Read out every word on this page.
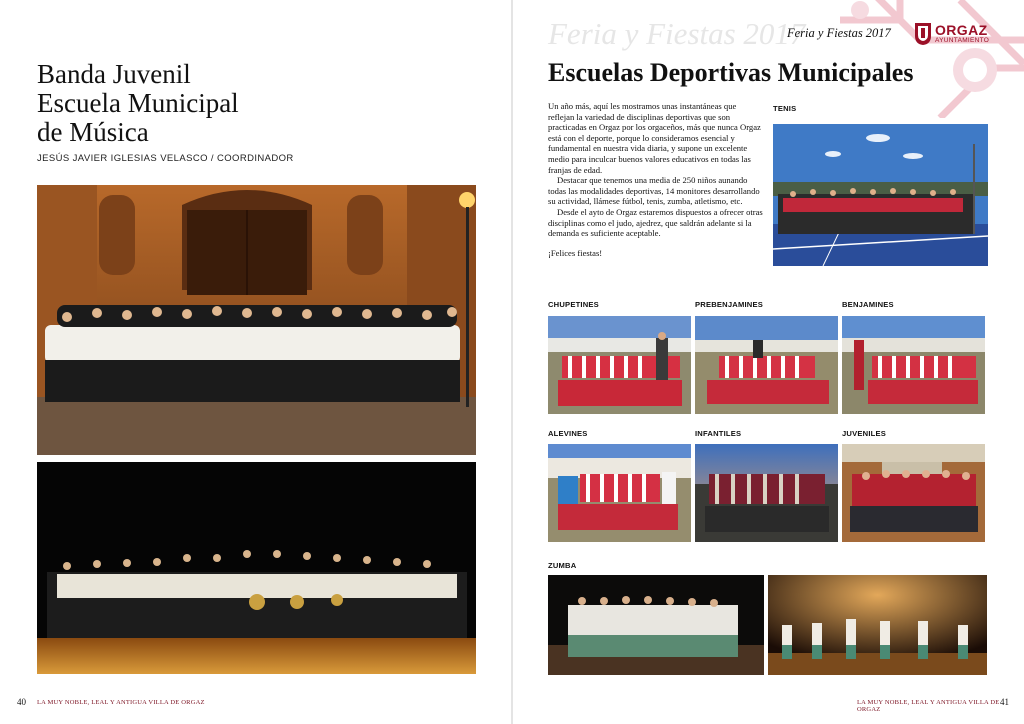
Banda Juvenil
Escuela Municipal
de Música
JESÚS JAVIER IGLESIAS VELASCO / COORDINADOR
40 LA MUY NOBLE, LEAL Y ANTIGUA VILLA DE ORGAZ
Feria y Fiestas 2017
Feria y Fiestas 2017	ORGAZ
AYUNTAMIENTO
Escuelas Deportivas Municipales

Un año más, aquí les mostramos unas instantáneas que reflejan la variedad de disciplinas deportivas que son practicadas en Orgaz por los orgaceños, más que nunca Orgaz está con el deporte, porque lo consideramos esencial y fundamental en nuestra vida diaria, y supone un excelente medio para inculcar buenos valores educativos en todas las franjas de edad.

Destacar que tenemos una media de 250 niños aunando todas las modalidades deportivas, 14 monitores desarrollando su actividad, llámese fútbol, tenis, zumba, atletismo, etc.

Desde el ayto de Orgaz estaremos dispuestos a ofrecer otras disciplinas como el judo, ajedrez, que saldrán adelante si la demanda es suficiente aceptable.

¡Felices fiestas!

TENIS
CHUPETINES	PREBENJAMINES	BENJAMINES
ALEVINES	INFANTILES	JUVENILES
ZUMBA
LA MUY NOBLE, LEAL Y ANTIGUA VILLA DE ORGAZ
41
